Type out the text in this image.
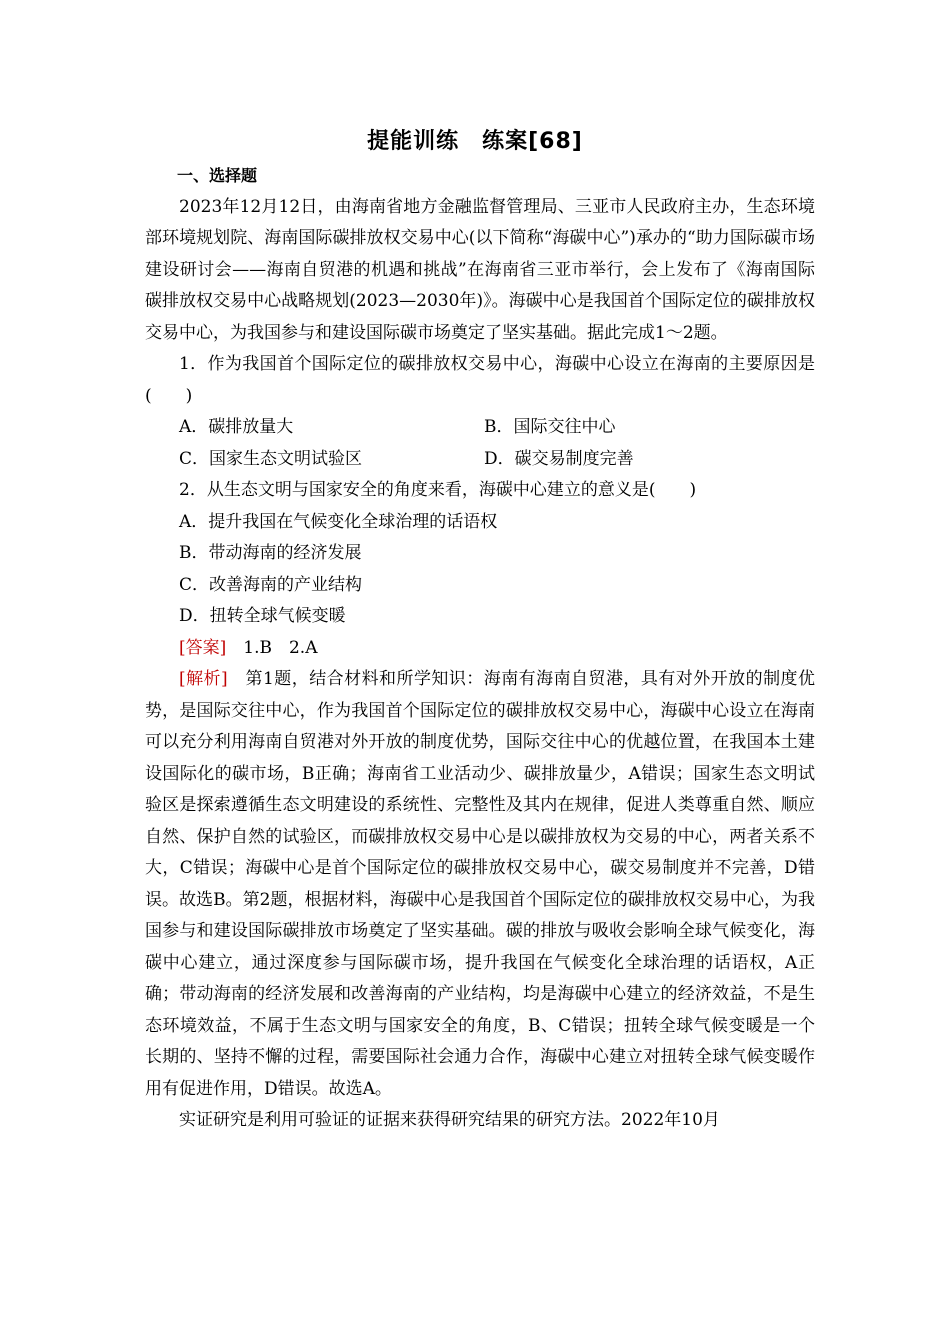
提能训练　练案[68]

一、选择题

2023年12月12日，由海南省地方金融监督管理局、三亚市人民政府主办，生态环境部环境规划院、海南国际碳排放权交易中心(以下简称“海碳中心”)承办的“助力国际碳市场建设研讨会——海南自贸港的机遇和挑战”在海南省三亚市举行，会上发布了《海南国际碳排放权交易中心战略规划(2023—2030年)》。海碳中心是我国首个国际定位的碳排放权交易中心，为我国参与和建设国际碳市场奠定了坚实基础。据此完成1～2题。

1．作为我国首个国际定位的碳排放权交易中心，海碳中心设立在海南的主要原因是(　　)

A．碳排放量大	B．国际交往中心
C．国家生态文明试验区	D．碳交易制度完善

2．从生态文明与国家安全的角度来看，海碳中心建立的意义是(　　)

A．提升我国在气候变化全球治理的话语权

B．带动海南的经济发展

C．改善海南的产业结构

D．扭转全球气候变暖

[答案]　1.B　2.A

[解析]　第1题，结合材料和所学知识：海南有海南自贸港，具有对外开放的制度优势，是国际交往中心，作为我国首个国际定位的碳排放权交易中心，海碳中心设立在海南可以充分利用海南自贸港对外开放的制度优势，国际交往中心的优越位置，在我国本土建设国际化的碳市场，B正确；海南省工业活动少、碳排放量少，A错误；国家生态文明试验区是探索遵循生态文明建设的系统性、完整性及其内在规律，促进人类尊重自然、顺应自然、保护自然的试验区，而碳排放权交易中心是以碳排放权为交易的中心，两者关系不大，C错误；海碳中心是首个国际定位的碳排放权交易中心，碳交易制度并不完善，D错误。故选B。第2题，根据材料，海碳中心是我国首个国际定位的碳排放权交易中心，为我国参与和建设国际碳排放市场奠定了坚实基础。碳的排放与吸收会影响全球气候变化，海碳中心建立，通过深度参与国际碳市场，提升我国在气候变化全球治理的话语权，A正确；带动海南的经济发展和改善海南的产业结构，均是海碳中心建立的经济效益，不是生态环境效益，不属于生态文明与国家安全的角度，B、C错误；扭转全球气候变暖是一个长期的、坚持不懈的过程，需要国际社会通力合作，海碳中心建立对扭转全球气候变暖作用有促进作用，D错误。故选A。

实证研究是利用可验证的证据来获得研究结果的研究方法。2022年10月
